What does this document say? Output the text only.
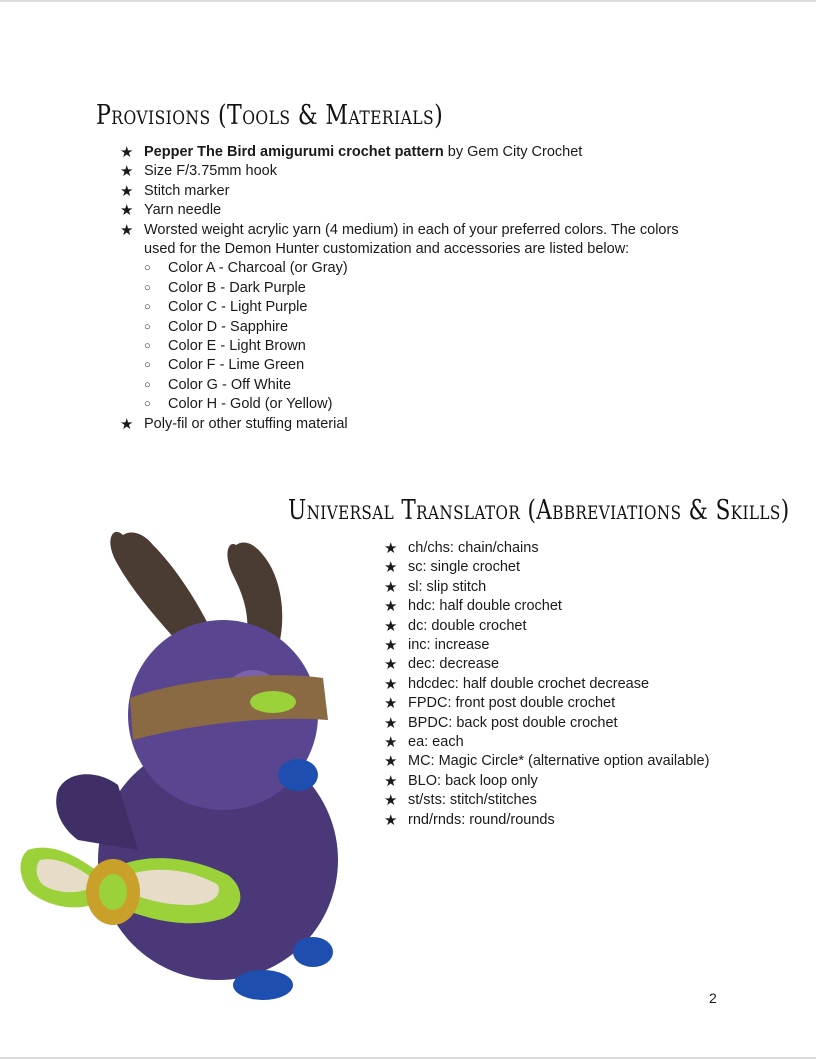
Provisions (Tools & Materials)
★ Pepper The Bird amigurumi crochet pattern by Gem City Crochet
★ Size F/3.75mm hook
★ Stitch marker
★ Yarn needle
★ Worsted weight acrylic yarn (4 medium) in each of your preferred colors. The colors used for the Demon Hunter customization and accessories are listed below:
○ Color A - Charcoal (or Gray)
○ Color B - Dark Purple
○ Color C - Light Purple
○ Color D - Sapphire
○ Color E - Light Brown
○ Color F - Lime Green
○ Color G - Off White
○ Color H - Gold (or Yellow)
★ Poly-fil or other stuffing material
Universal Translator (Abbreviations & Skills)
★ ch/chs: chain/chains
★ sc: single crochet
★ sl: slip stitch
★ hdc: half double crochet
★ dc: double crochet
★ inc: increase
★ dec: decrease
★ hdcdec: half double crochet decrease
★ FPDC: front post double crochet
★ BPDC: back post double crochet
★ ea: each
★ MC: Magic Circle* (alternative option available)
★ BLO: back loop only
★ st/sts: stitch/stitches
★ rnd/rnds: round/rounds
2
